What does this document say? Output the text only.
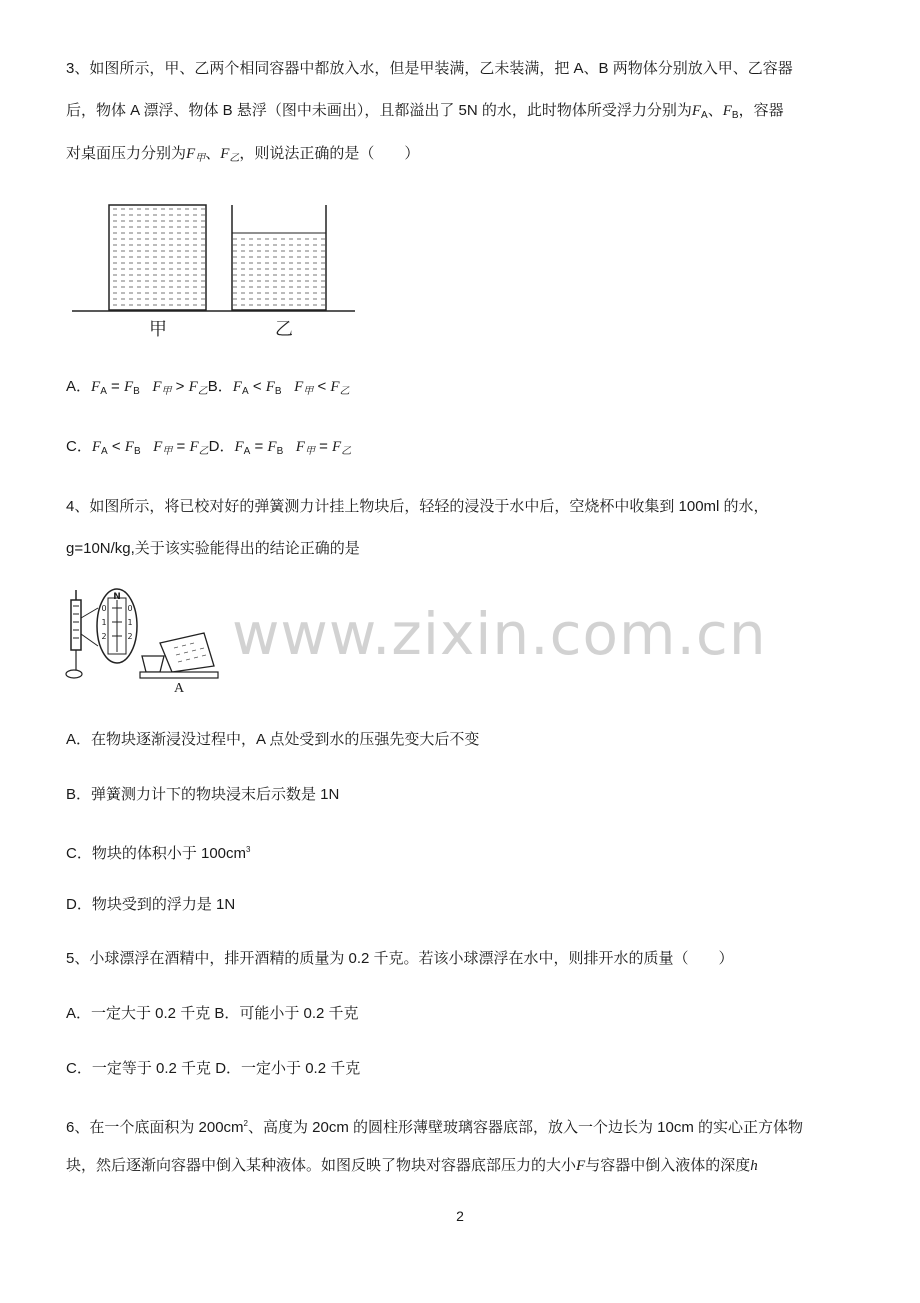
3、如图所示，甲、乙两个相同容器中都放入水，但是甲装满，乙未装满，把 A、B 两物体分别放入甲、乙容器
后，物体 A 漂浮、物体 B 悬浮（图中未画出），且都溢出了 5N 的水，此时物体所受浮力分别为$F_A$、$F_B$，容器
对桌面压力分别为$F_甲$、$F_乙$，则说法正确的是（　　）
甲	乙
A．$F_A = F_B$ $F_甲 > F_乙B$．$F_A < F_B$ $F_甲 < F_乙$
C．$F_A < F_B$ $F_甲 = F_乙D$．$F_A = F_B$ $F_甲 = F_乙$
4、如图所示，将已校对好的弹簧测力计挂上物块后，轻轻的浸没于水中后，空烧杯中收集到 100ml 的水，
g=10N/kg,关于该实验能得出的结论正确的是
N
0
1
2
0
1
2
A
www.zixin.com.cn
A．在物块逐渐浸没过程中，A 点处受到水的压强先变大后不变
B．弹簧测力计下的物块浸末后示数是 1N
C．物块的体积小于 $100cm^3$
D．物块受到的浮力是 1N
5、小球漂浮在酒精中，排开酒精的质量为 0.2 千克。若该小球漂浮在水中，则排开水的质量（　　）
A．一定大于 0.2 千克 B．可能小于 0.2 千克
C．一定等于 0.2 千克 D．一定小于 0.2 千克
6、在一个底面积为 $200cm^2$、高度为 20cm 的圆柱形薄壁玻璃容器底部，放入一个边长为 10cm 的实心正方体物
块，然后逐渐向容器中倒入某种液体。如图反映了物块对容器底部压力的大小F与容器中倒入液体的深度h
2
